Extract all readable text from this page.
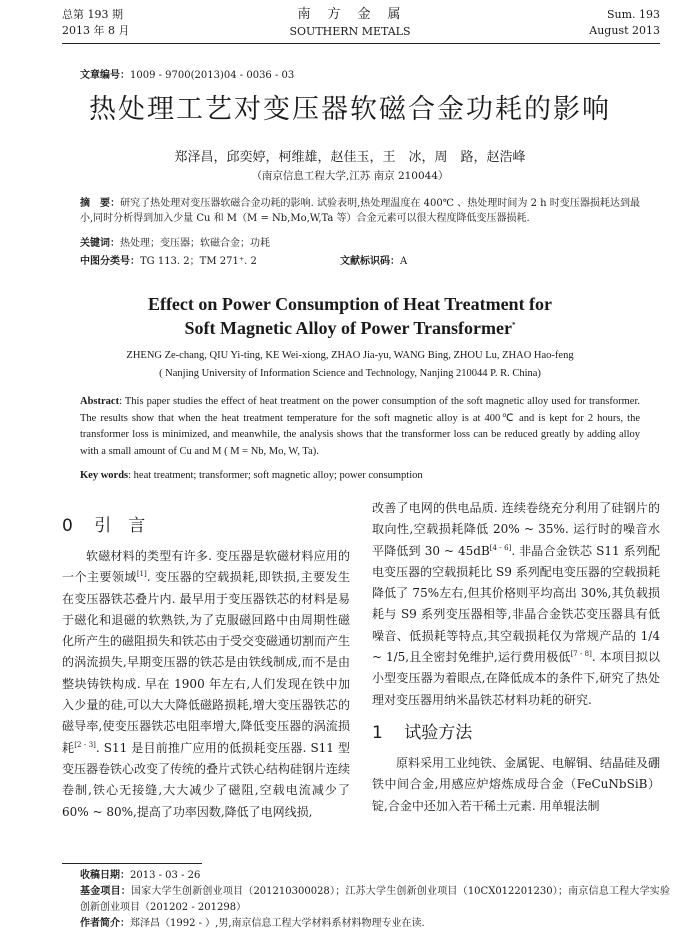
总第 193 期
2013 年 8 月
南　方　金　属
SOUTHERN METALS
Sum. 193
August 2013
文章编号：1009 - 9700(2013)04 - 0036 - 03
热处理工艺对变压器软磁合金功耗的影响
郑泽昌，邱奕婷，柯维雄，赵佳玉，王　冰，周　路，赵浩峰
（南京信息工程大学,江苏 南京 210044）
摘　要：研究了热处理对变压器软磁合金功耗的影响. 试验表明,热处理温度在 400℃ 、热处理时间为 2 h 时变压器损耗达到最小,同时分析得到加入少量 Cu 和 M（M = Nb,Mo,W,Ta 等）合金元素可以很大程度降低变压器损耗.
关键词：热处理；变压器；软磁合金；功耗
中图分类号：TG 113. 2；TM 271⁺. 2	文献标识码：A
Effect on Power Consumption of Heat Treatment for
Soft Magnetic Alloy of Power Transformer*
ZHENG Ze-chang, QIU Yi-ting, KE Wei-xiong, ZHAO Jia-yu, WANG Bing, ZHOU Lu, ZHAO Hao-feng
( Nanjing University of Information Science and Technology, Nanjing 210044 P. R. China)
Abstract: This paper studies the effect of heat treatment on the power consumption of the soft magnetic alloy used for transformer. The results show that when the heat treatment temperature for the soft magnetic alloy is at 400℃ and is kept for 2 hours, the transformer loss is minimized, and meanwhile, the analysis shows that the transformer loss can be reduced greatly by adding alloy with a small amount of Cu and M ( M = Nb, Mo, W, Ta).
Key words: heat treatment; transformer; soft magnetic alloy; power consumption
0 引　言

软磁材料的类型有许多. 变压器是软磁材料应用的一个主要领域[1]. 变压器的空载损耗,即铁损,主要发生在变压器铁芯叠片内. 最早用于变压器铁芯的材料是易于磁化和退磁的软熟铁,为了克服磁回路中由周期性磁化所产生的磁阻损失和铁芯由于受交变磁通切割而产生的涡流损失,早期变压器的铁芯是由铁线制成,而不是由整块铸铁构成. 早在 1900 年左右,人们发现在铁中加入少量的硅,可以大大降低磁路损耗,增大变压器铁芯的磁导率,使变压器铁芯电阻率增大,降低变压器的涡流损耗[2 - 3]. S11 是目前推广应用的低损耗变压器. S11 型变压器卷铁心改变了传统的叠片式铁心结构硅钢片连续卷制,铁心无接缝,大大减少了磁阻,空载电流减少了 60% ~ 80%,提高了功率因数,降低了电网线损,

改善了电网的供电品质. 连续卷绕充分利用了硅钢片的取向性,空载损耗降低 20% ~ 35%. 运行时的噪音水平降低到 30 ~ 45dB[4 - 6]. 非晶合金铁芯 S11 系列配电变压器的空载损耗比 S9 系列配电变压器的空载损耗降低了 75%左右,但其价格则平均高出 30%,其负载损耗与 S9 系列变压器相等,非晶合金铁芯变压器具有低噪音、低损耗等特点,其空载损耗仅为常规产品的 1/4 ~ 1/5,且全密封免维护,运行费用极低[7 - 8]. 本项目拟以小型变压器为着眼点,在降低成本的条件下,研究了热处理对变压器用纳米晶铁芯材料功耗的研究.

1 试验方法

原料采用工业纯铁、金属铌、电解铜、结晶硅及硼铁中间合金,用感应炉熔炼成母合金（FeCuNbSiB）锭,合金中还加入若干稀土元素. 用单辊法制

收稿日期：2013 - 03 - 26
基金项目：国家大学生创新创业项目（201210300028）；江苏大学生创新创业项目（10CX012201230）；南京信息工程大学实验创新创业项目（201202 - 201298）
作者简介：郑泽昌（1992 - ）,男,南京信息工程大学材料系材料物理专业在读.
